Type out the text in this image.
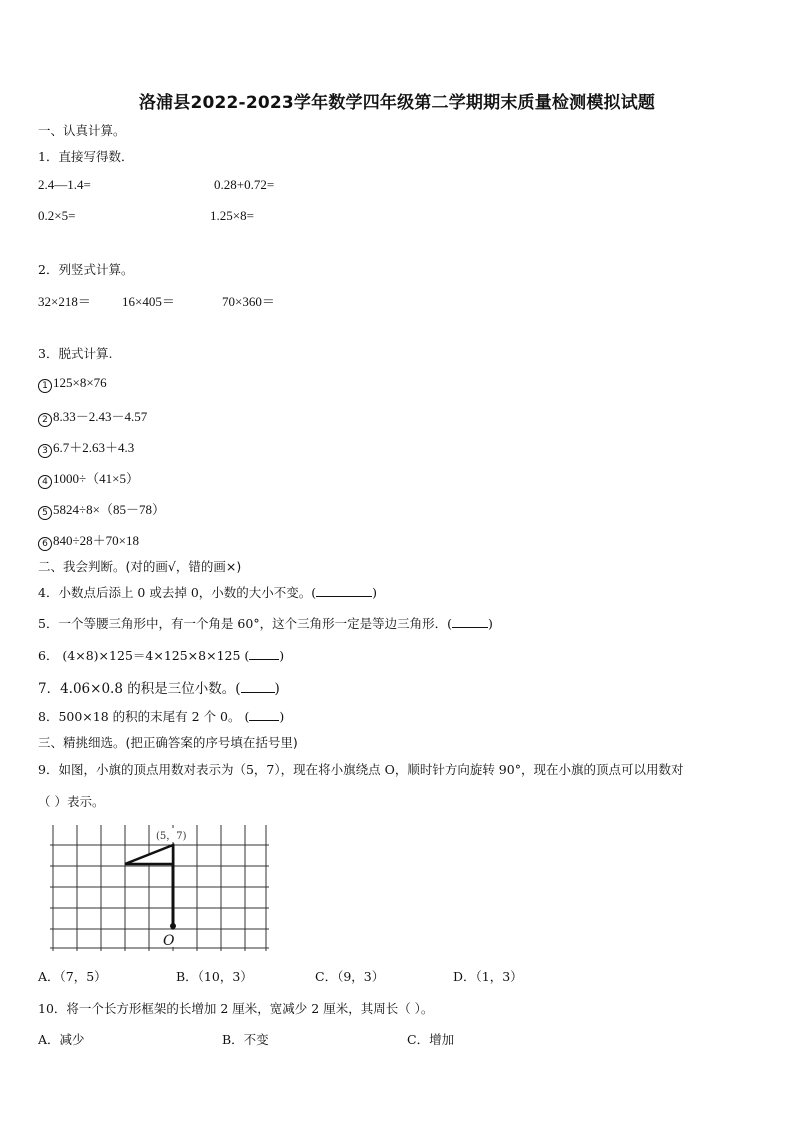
洛浦县2022-2023学年数学四年级第二学期期末质量检测模拟试题
一、认真计算。
1．直接写得数．
2.4—1.4=	0.28+0.72=
0.2×5=	1.25×8=
2．列竖式计算。
32×218＝ 16×405＝	70×360＝
3．脱式计算.
1 125×8×76
2 8.33－2.43－4.57
3 6.7＋2.63＋4.3
4 1000÷（41×5）
5 5824÷8×（85－78）
6 840÷28＋70×18
二、我会判断。(对的画√，错的画×)
4．小数点后添上 0 或去掉 0，小数的大小不变。(	)
5．一个等腰三角形中，有一个角是 60°，这个三角形一定是等边三角形．(	)
6． (4×8)×125＝4×125×8×125 ( )
7．4.06×0.8 的积是三位小数。(	)
8．500×18 的积的末尾有 2 个 0。 ( )
三、精挑细选。(把正确答案的序号填在括号里)
9．如图，小旗的顶点用数对表示为（5，7），现在将小旗绕点 O，顺时针方向旋转 90°，现在小旗的顶点可以用数对
（ ）表示。
(5，7)
O
A．（7，5）	B．（10，3）	C．（9，3）	D．（1，3）
10．将一个长方形框架的长增加 2 厘米，宽减少 2 厘米，其周长（ ）。
A．减少	B．不变	C．增加
